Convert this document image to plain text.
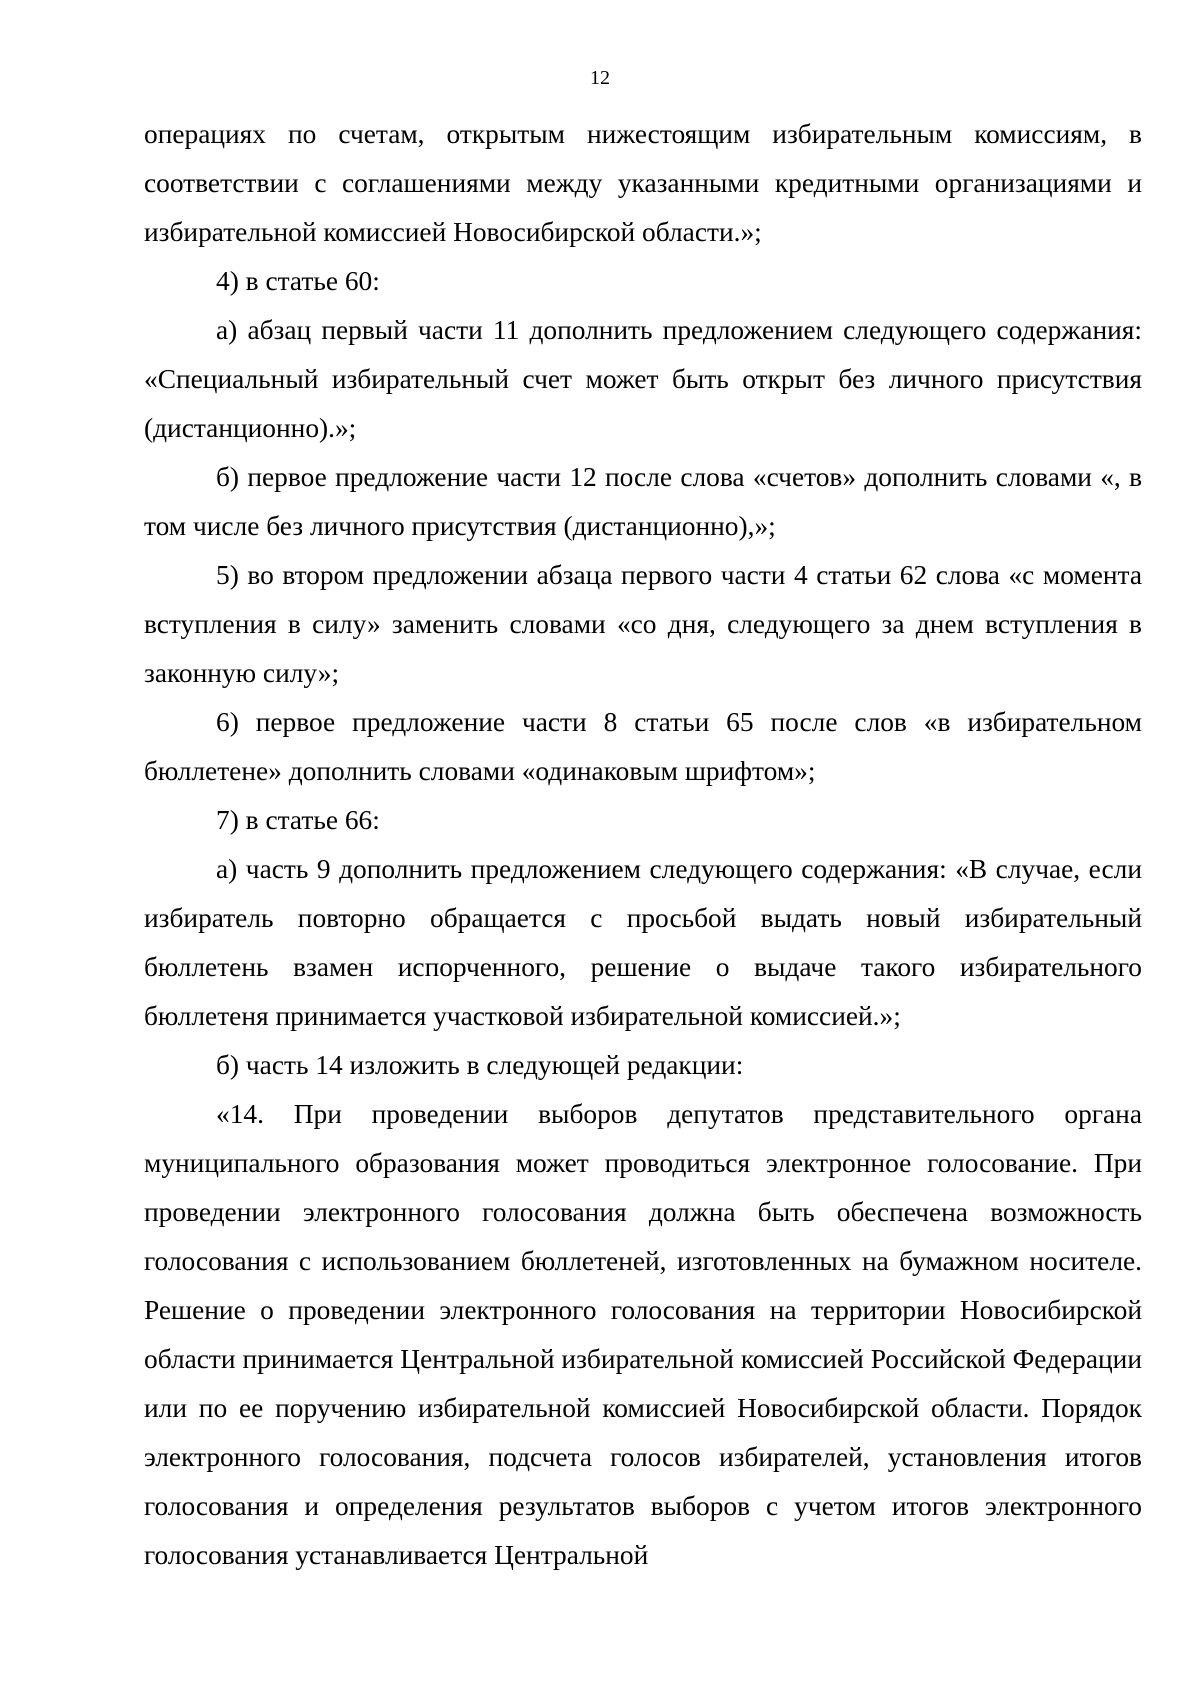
12

операциях по счетам, открытым нижестоящим избирательным комиссиям, в соответствии с соглашениями между указанными кредитными организациями и избирательной комиссией Новосибирской области.»;

4) в статье 60:

а) абзац первый части 11 дополнить предложением следующего содержания: «Специальный избирательный счет может быть открыт без личного присутствия (дистанционно).»;

б) первое предложение части 12 после слова «счетов» дополнить словами «, в том числе без личного присутствия (дистанционно),»;

5) во втором предложении абзаца первого части 4 статьи 62 слова «с момента вступления в силу» заменить словами «со дня, следующего за днем вступления в законную силу»;

6) первое предложение части 8 статьи 65 после слов «в избирательном бюллетене» дополнить словами «одинаковым шрифтом»;

7) в статье 66:

а) часть 9 дополнить предложением следующего содержания: «В случае, если избиратель повторно обращается с просьбой выдать новый избирательный бюллетень взамен испорченного, решение о выдаче такого избирательного бюллетеня принимается участковой избирательной комиссией.»;

б) часть 14 изложить в следующей редакции:

«14. При проведении выборов депутатов представительного органа муниципального образования может проводиться электронное голосование. При проведении электронного голосования должна быть обеспечена возможность голосования с использованием бюллетеней, изготовленных на бумажном носителе. Решение о проведении электронного голосования на территории Новосибирской области принимается Центральной избирательной комиссией Российской Федерации или по ее поручению избирательной комиссией Новосибирской области. Порядок электронного голосования, подсчета голосов избирателей, установления итогов голосования и определения результатов выборов с учетом итогов электронного голосования устанавливается Центральной
